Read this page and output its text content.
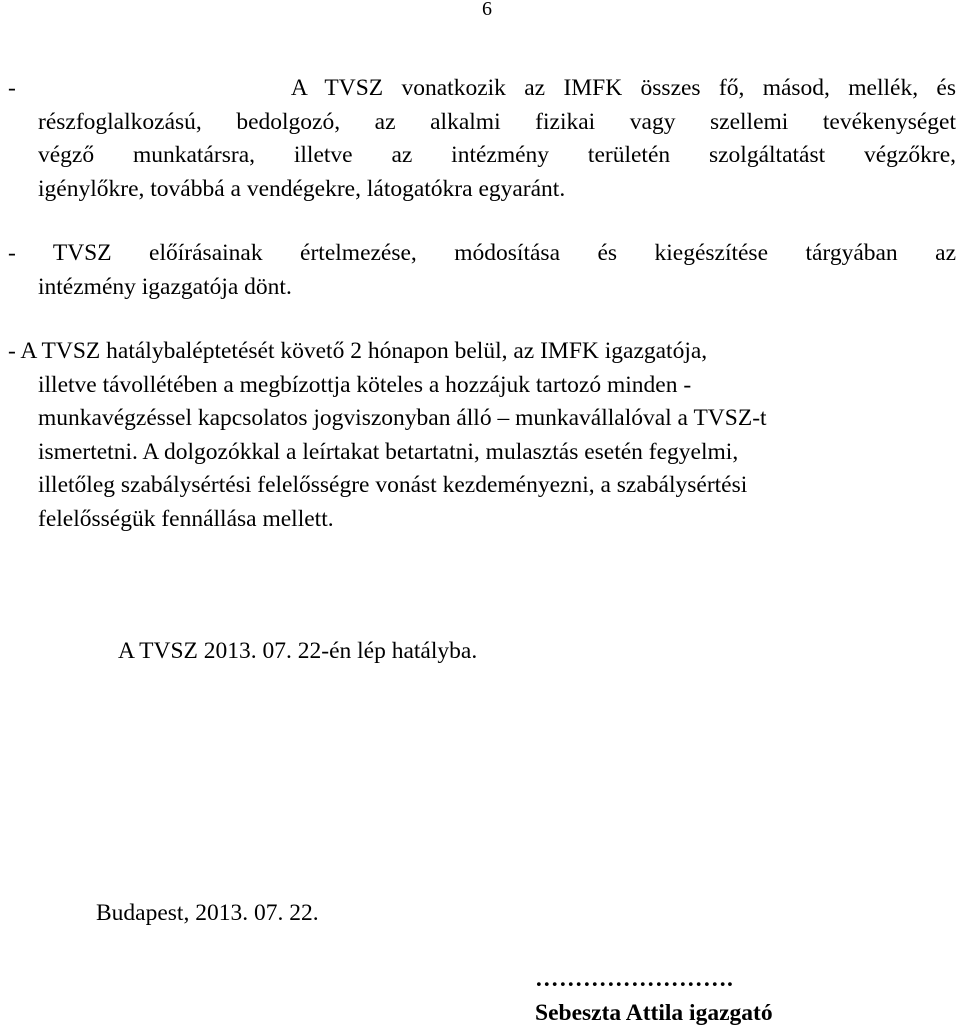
6
-               A TVSZ vonatkozik az IMFK összes fő, másod, mellék, és
részfoglalkozású, bedolgozó, az alkalmi fizikai vagy szellemi tevékenységet
végző munkatársra, illetve az intézmény területén szolgáltatást végzőkre,
igénylőkre, továbbá a vendégekre, látogatókra egyaránt.
- TVSZ előírásainak értelmezése, módosítása és kiegészítése tárgyában az
intézmény igazgatója dönt.
- A TVSZ hatálybaléptetését követő 2 hónapon belül, az IMFK igazgatója,
illetve távollétében a megbízottja köteles a hozzájuk tartozó minden -
munkavégzéssel kapcsolatos jogviszonyban álló – munkavállalóval a TVSZ-t
ismertetni. A dolgozókkal a leírtakat betartatni, mulasztás esetén fegyelmi,
illetőleg szabálysértési felelősségre vonást kezdeményezni, a szabálysértési
felelősségük fennállása mellett.
A TVSZ 2013. 07. 22-én lép hatályba.
Budapest, 2013. 07. 22.
…………………….
Sebeszta Attila igazgató
